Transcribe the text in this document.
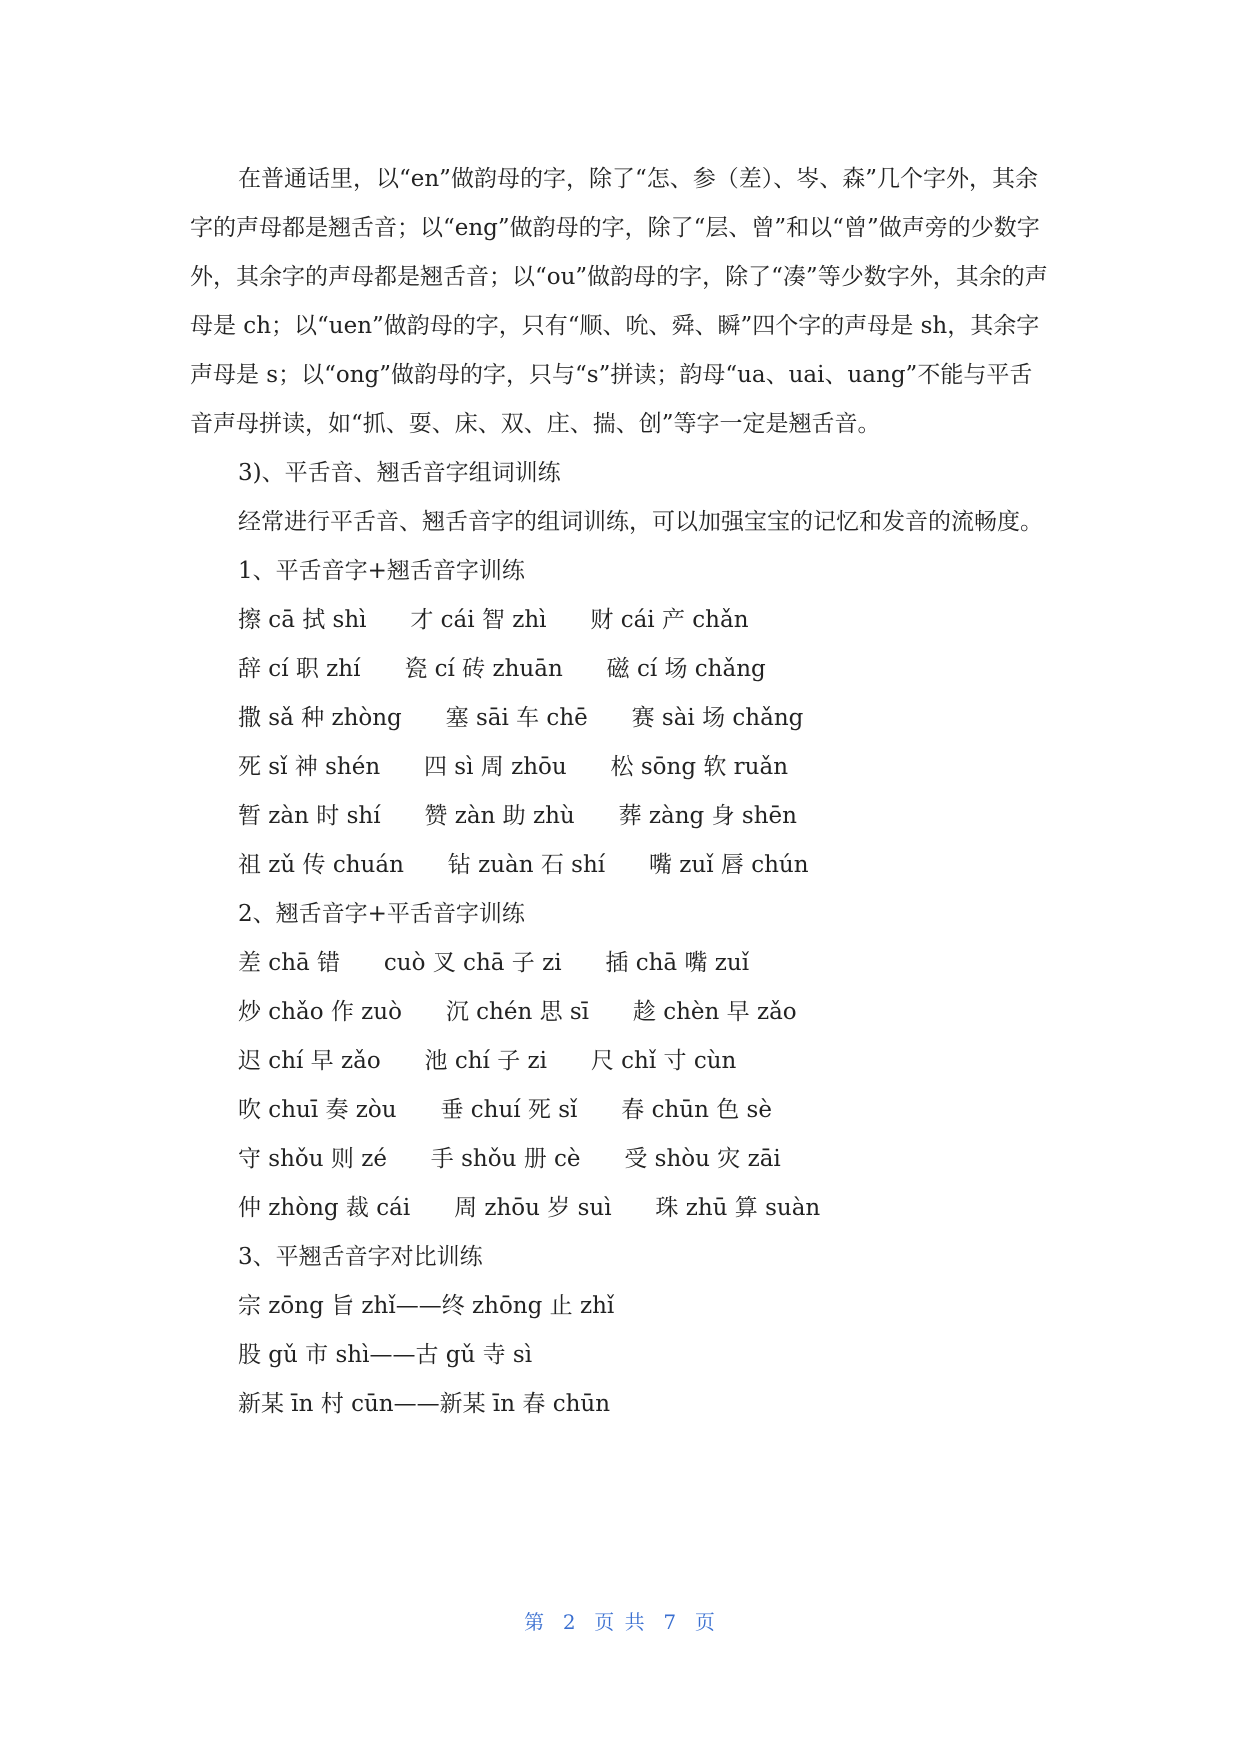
在普通话里，以“en”做韵母的字，除了“怎、参（差）、岑、森”几个字外，其余字的声母都是翘舌音；以“eng”做韵母的字，除了“层、曾”和以“曾”做声旁的少数字外，其余字的声母都是翘舌音；以“ou”做韵母的字，除了“凑”等少数字外，其余的声母是 ch；以“uen”做韵母的字，只有“顺、吮、舜、瞬”四个字的声母是 sh，其余字声母是 s；以“ong”做韵母的字，只与“s”拼读；韵母“ua、uai、uang”不能与平舌音声母拼读，如“抓、耍、床、双、庄、揣、创”等字一定是翘舌音。

3)、平舌音、翘舌音字组词训练

经常进行平舌音、翘舌音字的组词训练，可以加强宝宝的记忆和发音的流畅度。

1、平舌音字+翘舌音字训练

擦 cā 拭 shì      才 cái 智 zhì      财 cái 产 chǎn

辞 cí 职 zhí      瓷 cí 砖 zhuān      磁 cí 场 chǎng

撒 sǎ 种 zhòng      塞 sāi 车 chē      赛 sài 场 chǎng

死 sǐ 神 shén      四 sì 周 zhōu      松 sōng 软 ruǎn

暂 zàn 时 shí      赞 zàn 助 zhù      葬 zàng 身 shēn

祖 zǔ 传 chuán      钻 zuàn 石 shí      嘴 zuǐ 唇 chún

2、翘舌音字+平舌音字训练

差 chā 错      cuò 叉 chā 子 zi      插 chā 嘴 zuǐ

炒 chǎo 作 zuò      沉 chén 思 sī      趁 chèn 早 zǎo

迟 chí 早 zǎo      池 chí 子 zi      尺 chǐ 寸 cùn

吹 chuī 奏 zòu      垂 chuí 死 sǐ      春 chūn 色 sè

守 shǒu 则 zé      手 shǒu 册 cè      受 shòu 灾 zāi

仲 zhòng 裁 cái      周 zhōu 岁 suì      珠 zhū 算 suàn

3、平翘舌音字对比训练

宗 zōng 旨 zhǐ——终 zhōng 止 zhǐ

股 gǔ 市 shì——古 gǔ 寺 sì

新某 īn 村 cūn——新某 īn 春 chūn

第  2  页 共  7  页
